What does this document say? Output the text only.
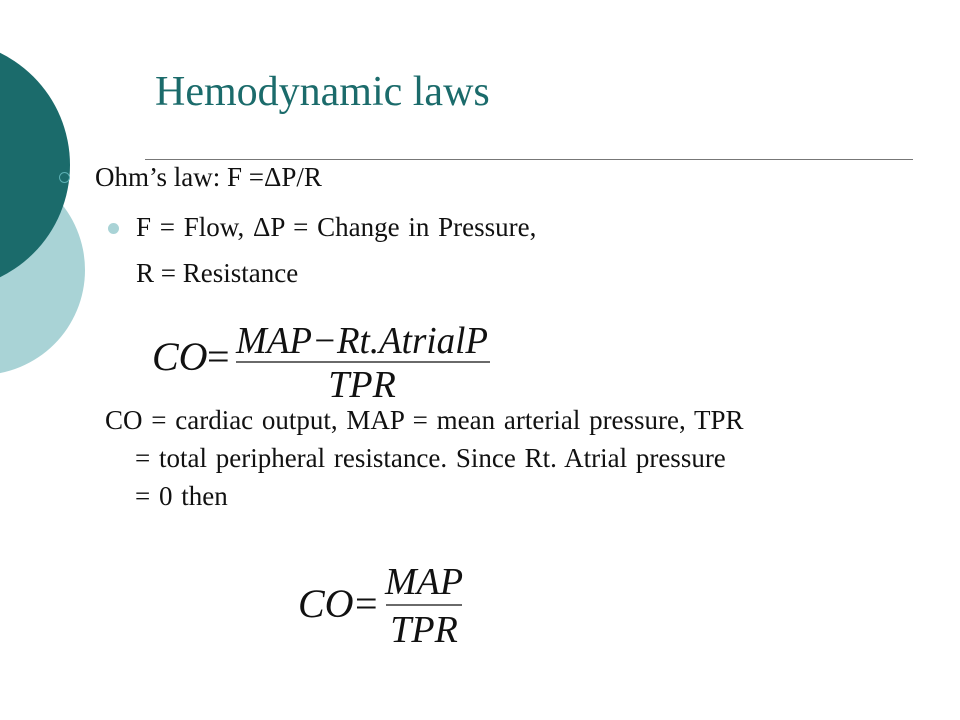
Hemodynamic laws
Ohm’s law: F =ΔP/R
F = Flow, ΔP = Change in Pressure,
R = Resistance
CO = MAP−Rt.AtrialP
TPR
CO = MAP
TPR
CO = cardiac output, MAP = mean arterial pressure, TPR
= total peripheral resistance. Since Rt. Atrial pressure
= 0 then
